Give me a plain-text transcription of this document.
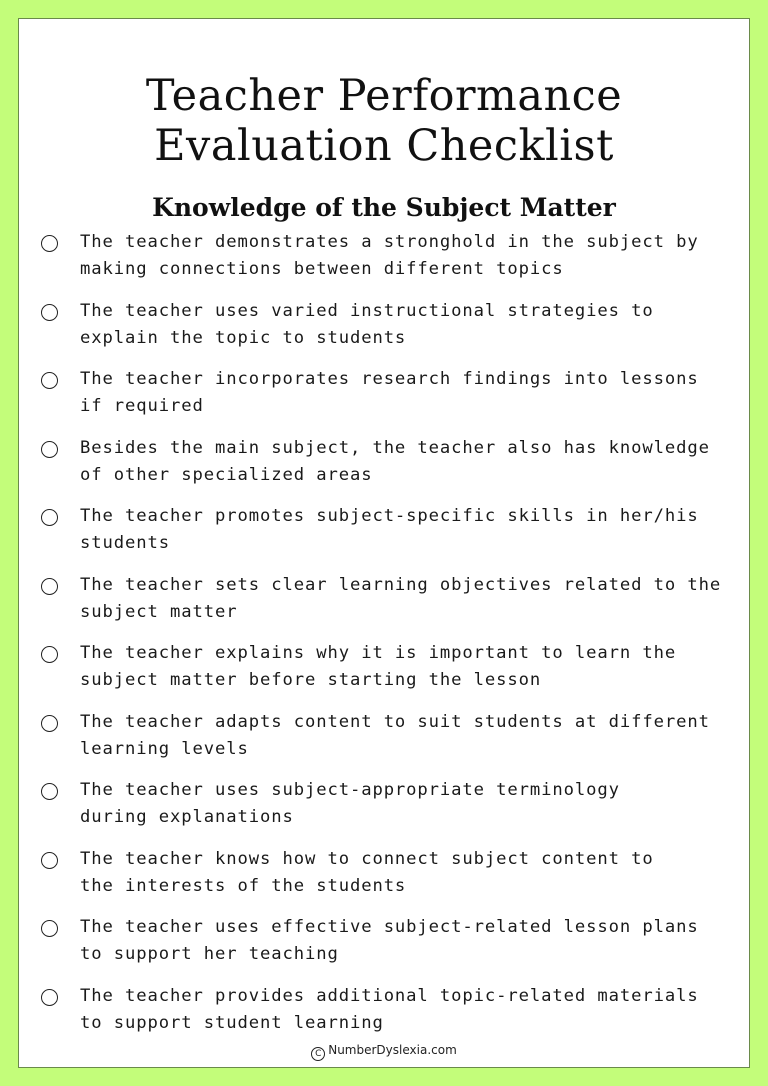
Teacher Performance
Evaluation Checklist
Knowledge of the Subject Matter
The teacher demonstrates a stronghold in the subject by
making connections between different topics
The teacher uses varied instructional strategies to
explain the topic to students
The teacher incorporates research findings into lessons
if required
Besides the main subject, the teacher also has knowledge
of other specialized areas
The teacher promotes subject-specific skills in her/his
students
The teacher sets clear learning objectives related to the
subject matter
The teacher explains why it is important to learn the
subject matter before starting the lesson
The teacher adapts content to suit students at different
learning levels
The teacher uses subject-appropriate terminology
during explanations
The teacher knows how to connect subject content to
the interests of the students
The teacher uses effective subject-related lesson plans
to support her teaching
The teacher provides additional topic-related materials
to support student learning
C NumberDyslexia.com
